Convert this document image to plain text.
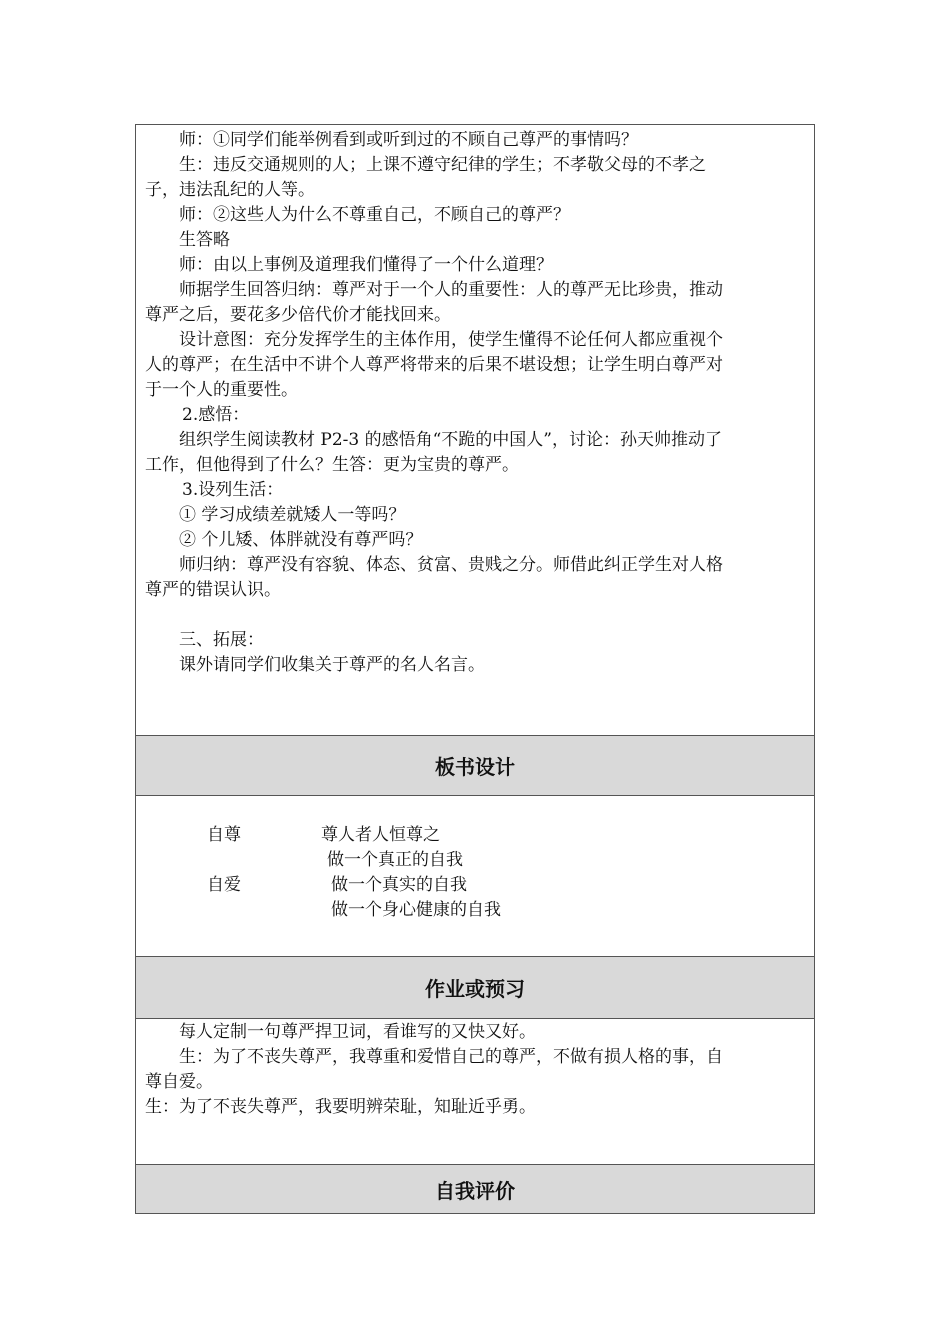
师：①同学们能举例看到或听到过的不顾自己尊严的事情吗？
生：违反交通规则的人；上课不遵守纪律的学生；不孝敬父母的不孝之
子，违法乱纪的人等。
师：②这些人为什么不尊重自己，不顾自己的尊严？
生答略
师：由以上事例及道理我们懂得了一个什么道理？
师据学生回答归纳：尊严对于一个人的重要性：人的尊严无比珍贵，推动
尊严之后，要花多少倍代价才能找回来。
设计意图：充分发挥学生的主体作用，使学生懂得不论任何人都应重视个
人的尊严；在生活中不讲个人尊严将带来的后果不堪设想；让学生明白尊严对
于一个人的重要性。
2.感悟：
组织学生阅读教材 P2-3 的感悟角“不跪的中国人”，讨论：孙天帅推动了
工作，但他得到了什么？生答：更为宝贵的尊严。
3.设列生活：
① 学习成绩差就矮人一等吗？
② 个儿矮、体胖就没有尊严吗？
师归纳：尊严没有容貌、体态、贫富、贵贱之分。师借此纠正学生对人格
尊严的错误认识。
三、拓展：
课外请同学们收集关于尊严的名人名言。
板书设计
自尊	尊人者人恒尊之
做一个真正的自我
自爱	做一个真实的自我
做一个身心健康的自我
作业或预习
每人定制一句尊严捍卫词，看谁写的又快又好。
生：为了不丧失尊严，我尊重和爱惜自己的尊严，不做有损人格的事，自
尊自爱。
生：为了不丧失尊严，我要明辨荣耻，知耻近乎勇。
自我评价
